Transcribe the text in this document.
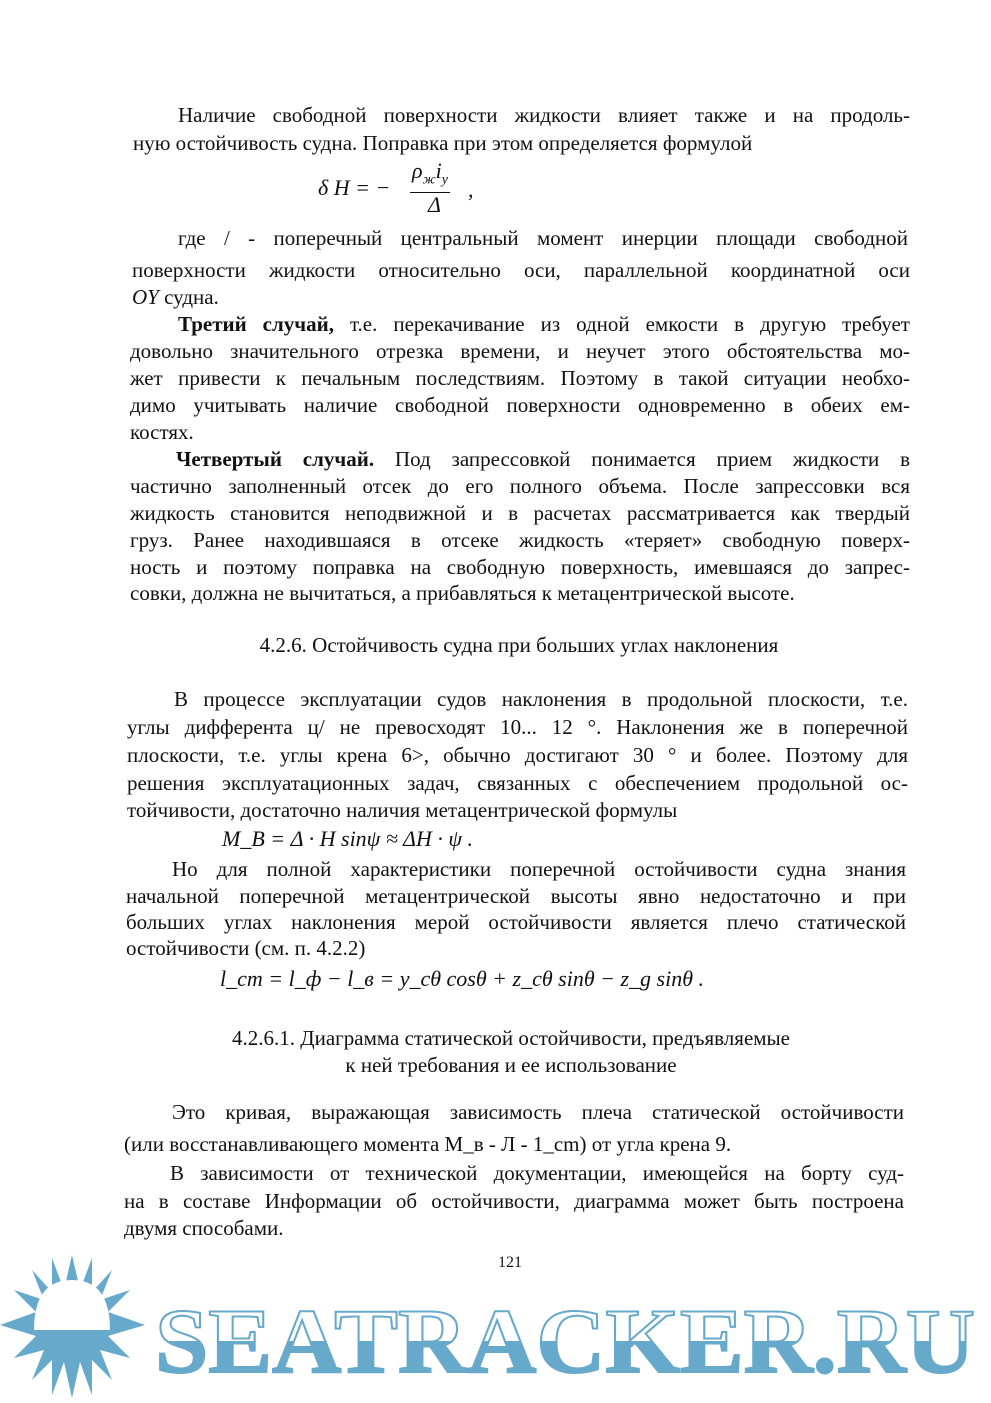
Наличие свободной поверхности жидкости влияет также и на продоль-
ную остойчивость судна. Поправка при этом определяется формулой
δ H = −
$\rho_жi_y$
Δ
,
где / - поперечный центральный момент инерции площади свободной
поверхности жидкости относительно оси, параллельной координатной оси
OY судна.
Третий случай, т.е. перекачивание из одной емкости в другую требует
довольно значительного отрезка времени, и неучет этого обстоятельства мо-
жет привести к печальным последствиям. Поэтому в такой ситуации необхо-
димо учитывать наличие свободной поверхности одновременно в обеих ем-
костях.
Четвертый случай. Под запрессовкой понимается прием жидкости в
частично заполненный отсек до его полного объема. После запрессовки вся
жидкость становится неподвижной и в расчетах рассматривается как твердый
груз. Ранее находившаяся в отсеке жидкость «теряет» свободную поверх-
ность и поэтому поправка на свободную поверхность, имевшаяся до запрес-
совки, должна не вычитаться, а прибавляться к метацентрической высоте.
4.2.6. Остойчивость судна при больших углах наклонения
В процессе эксплуатации судов наклонения в продольной плоскости, т.е.
углы дифферента ц/ не превосходят 10... 12 °. Наклонения же в поперечной
плоскости, т.е. углы крена 6>, обычно достигают 30 ° и более. Поэтому для
решения эксплуатационных задач, связанных с обеспечением продольной ос-
тойчивости, достаточно наличия метацентрической формулы
M_B = Δ · H sinψ ≈ ΔH · ψ .
Но для полной характеристики поперечной остойчивости судна знания
начальной поперечной метацентрической высоты явно недостаточно и при
больших углах наклонения мерой остойчивости является плечо статической
остойчивости (см. п. 4.2.2)
l_cm = l_ф − l_в = y_cθ cosθ + z_cθ sinθ − z_g sinθ .
4.2.6.1. Диаграмма статической остойчивости, предъявляемые
к ней требования и ее использование
Это кривая, выражающая зависимость плеча статической остойчивости
(или восстанавливающего момента М_в - Л - 1_cm) от угла крена 9.
В зависимости от технической документации, имеющейся на борту суд-
на в составе Информации об остойчивости, диаграмма может быть построена
двумя способами.
121
SEATRACKER.RU
